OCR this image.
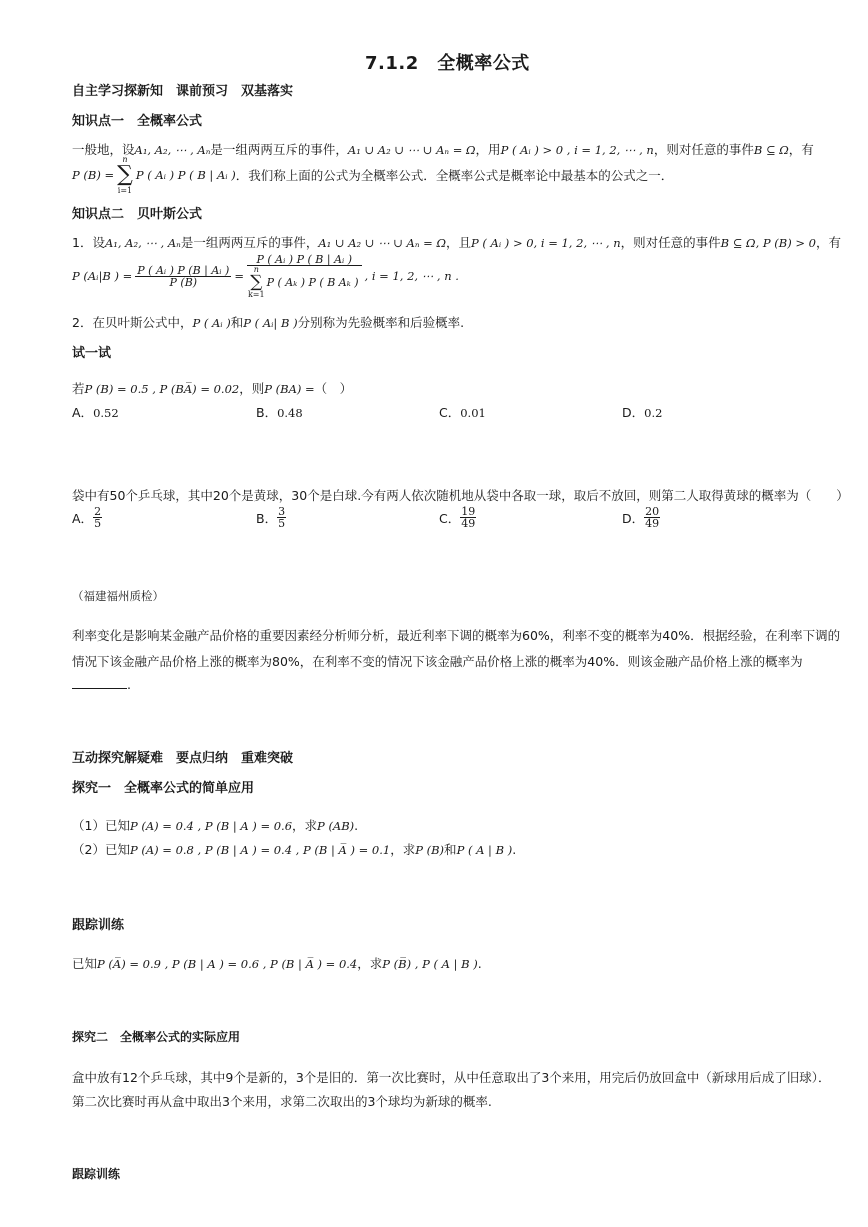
7.1.2　全概率公式
自主学习探新知　课前预习　双基落实
知识点一　全概率公式
一般地，设A₁, A₂, ⋯ , Aₙ是一组两两互斥的事件，A₁ ∪ A₂ ∪ ⋯ ∪ Aₙ = Ω，用P ( Aᵢ ) > 0 , i = 1, 2, ⋯ , n，则对任意的事件B ⊆ Ω，有
P (B) =
n
∑
i=1
P ( Aᵢ ) P ( B | Aᵢ ) ．我们称上面的公式为全概率公式．全概率公式是概率论中最基本的公式之一．
知识点二　贝叶斯公式
1．设A₁, A₂, ⋯ , Aₙ是一组两两互斥的事件，A₁ ∪ A₂ ∪ ⋯ ∪ Aₙ = Ω，且P ( Aᵢ ) > 0, i = 1, 2, ⋯ , n，则对任意的事件B ⊆ Ω, P (B) > 0，有
P (Aᵢ|B ) = $\frac{\text{P ( Aᵢ ) P (B | Aᵢ )}}{P (B)} = P$ ( Aᵢ ) P ( B | Aᵢ )
n
∑
k=1
P ( Aₖ ) P ( B Aₖ ) , i = 1, 2, ⋯ , n .
2．在贝叶斯公式中，P ( Aᵢ )和P ( Aᵢ| B )分别称为先验概率和后验概率.
试一试
若P (B) = 0.5 , P (BA̅) = 0.02，则P (BA) =（　）
A．0.52	B．0.48	C．0.01	D．0.2
袋中有50个乒乓球，其中20个是黄球，30个是白球.今有两人依次随机地从袋中各取一球，取后不放回，则第二人取得黄球的概率为（　　）
A． $\frac{2}{5}$	B． $\frac{3}{5}$	C． $\frac{19}{49}$	D． $\frac{20}{49}$
（福建福州质检）
利率变化是影响某金融产品价格的重要因素经分析师分析，最近利率下调的概率为60%，利率不变的概率为40%．根据经验，在利率下调的
情况下该金融产品价格上涨的概率为80%，在利率不变的情况下该金融产品价格上涨的概率为40%．则该金融产品价格上涨的概率为
.
互动探究解疑难　要点归纳　重难突破
探究一　全概率公式的简单应用
（1）已知P (A) = 0.4 , P (B | A ) = 0.6，求P (AB).
（2）已知P (A) = 0.8 , P (B | A ) = 0.4 , P (B | A̅ ) = 0.1，求P (B)和P ( A | B ).
跟踪训练
已知P (A̅) = 0.9 , P (B | A ) = 0.6 , P (B | A̅ ) = 0.4，求P (B̅) , P ( A | B ).
探究二　全概率公式的实际应用
盒中放有12个乒乓球，其中9个是新的，3个是旧的．第一次比赛时，从中任意取出了3个来用，用完后仍放回盒中（新球用后成了旧球）．
第二次比赛时再从盒中取出3个来用，求第二次取出的3个球均为新球的概率.
跟踪训练
